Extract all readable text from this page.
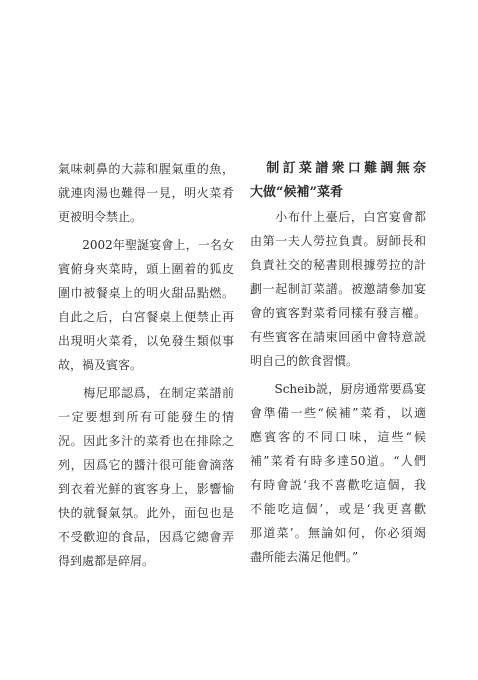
氣味刺鼻的大蒜和腥氣重的魚，
就連肉湯也難得一見，明火菜肴
更被明令禁止。
　　2002年聖誕宴會上，一名女
賓俯身夾菜時，頭上圍着的狐皮
圍巾被餐桌上的明火甜品點燃。
自此之后，白宮餐桌上便禁止再
出現明火菜肴，以免發生類似事
故，禍及賓客。
　　梅尼耶認爲，在制定菜譜前
一定要想到所有可能發生的情
況。因此多汁的菜肴也在排除之
列，因爲它的醬汁很可能會滴落
到衣着光鮮的賓客身上，影響愉
快的就餐氣氛。此外，面包也是
不受歡迎的食品，因爲它總會弄
得到處都是碎屑。
　制訂菜譜衆口難調無奈
大做“候補”菜肴
　　小布什上臺后，白宮宴會都
由第一夫人勞拉負責。厨師長和
負責社交的秘書則根據勞拉的計
劃一起制訂菜譜。被邀請參加宴
會的賓客對菜肴同樣有發言權。
有些賓客在請柬回函中會特意説
明自己的飲食習慣。
　　Scheib説，厨房通常要爲宴
會準備一些“候補”菜肴，以適
應賓客的不同口味，這些“候
補”菜肴有時多達50道。“人們
有時會説‘我不喜歡吃這個，我
不能吃這個’，或是‘我更喜歡
那道菜’。無論如何，你必須竭
盡所能去滿足他們。”
